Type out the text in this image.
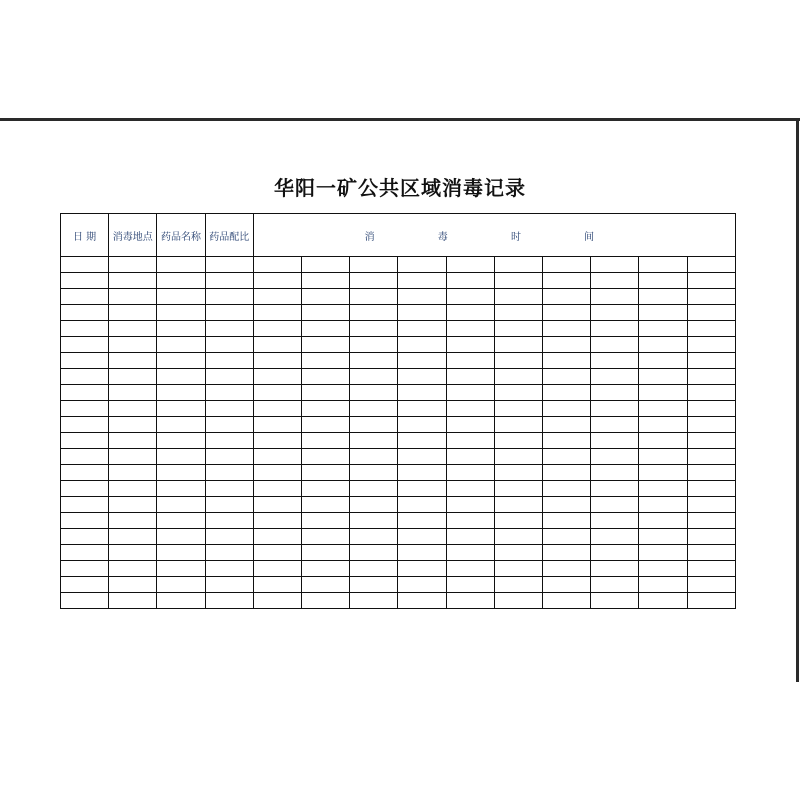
华阳一矿公共区域消毒记录
日 期	消毒地点	药品名称	药品配比	消 毒 时 间									
